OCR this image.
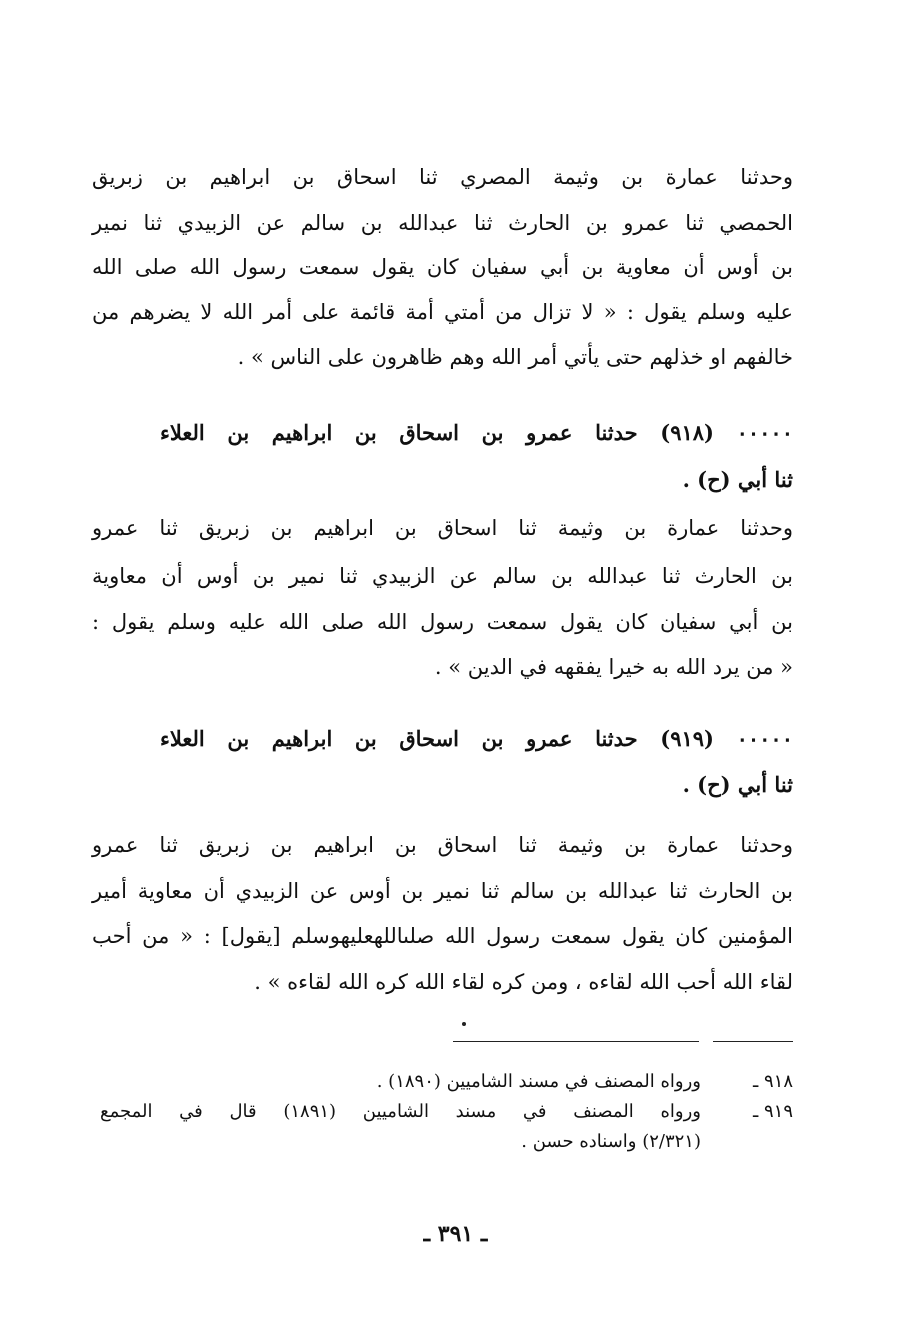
وحدثنا عمارة بن وثيمة المصري ثنا اسحاق بن ابراهيم بن زبريق
الحمصي ثنا عمرو بن الحارث ثنا عبدالله بن سالم عن الزبيدي ثنا نمير
بن أوس أن معاوية بن أبي سفيان كان يقول سمعت رسول الله صلى الله
عليه وسلم يقول : « لا تزال من أمتي أمة قائمة على أمر الله لا يضرهم من
خالفهم او خذلهم حتى يأتي أمر الله وهم ظاهرون على الناس » .
٠٠٠٠٠ (٩١٨) حدثنا عمرو بن اسحاق بن ابراهيم بن العلاء
ثنا أبي (ح) .
وحدثنا عمارة بن وثيمة ثنا اسحاق بن ابراهيم بن زبريق ثنا عمرو
بن الحارث ثنا عبدالله بن سالم عن الزبيدي ثنا نمير بن أوس أن معاوية
بن أبي سفيان كان يقول سمعت رسول الله صلى الله عليه وسلم يقول :
« من يرد الله به خيرا يفقهه في الدين » .
٠٠٠٠٠ (٩١٩) حدثنا عمرو بن اسحاق بن ابراهيم بن العلاء
ثنا أبي (ح) .
وحدثنا عمارة بن وثيمة ثنا اسحاق بن ابراهيم بن زبريق ثنا عمرو
بن الحارث ثنا عبدالله بن سالم ثنا نمير بن أوس عن الزبيدي أن معاوية أمير
المؤمنين كان يقول سمعت رسول الله صلىاللهعليهوسلم [يقول] : « من أحب
لقاء الله أحب الله لقاءه ، ومن كره لقاء الله كره الله لقاءه » .
٩١٨ ـ
ورواه المصنف في مسند الشاميين (١٨٩٠) .
٩١٩ ـ
ورواه المصنف في مسند الشاميين (١٨٩١) قال في المجمع
(٢/٣٢١) واسناده حسن .
ـ ٣٩١ ـ
